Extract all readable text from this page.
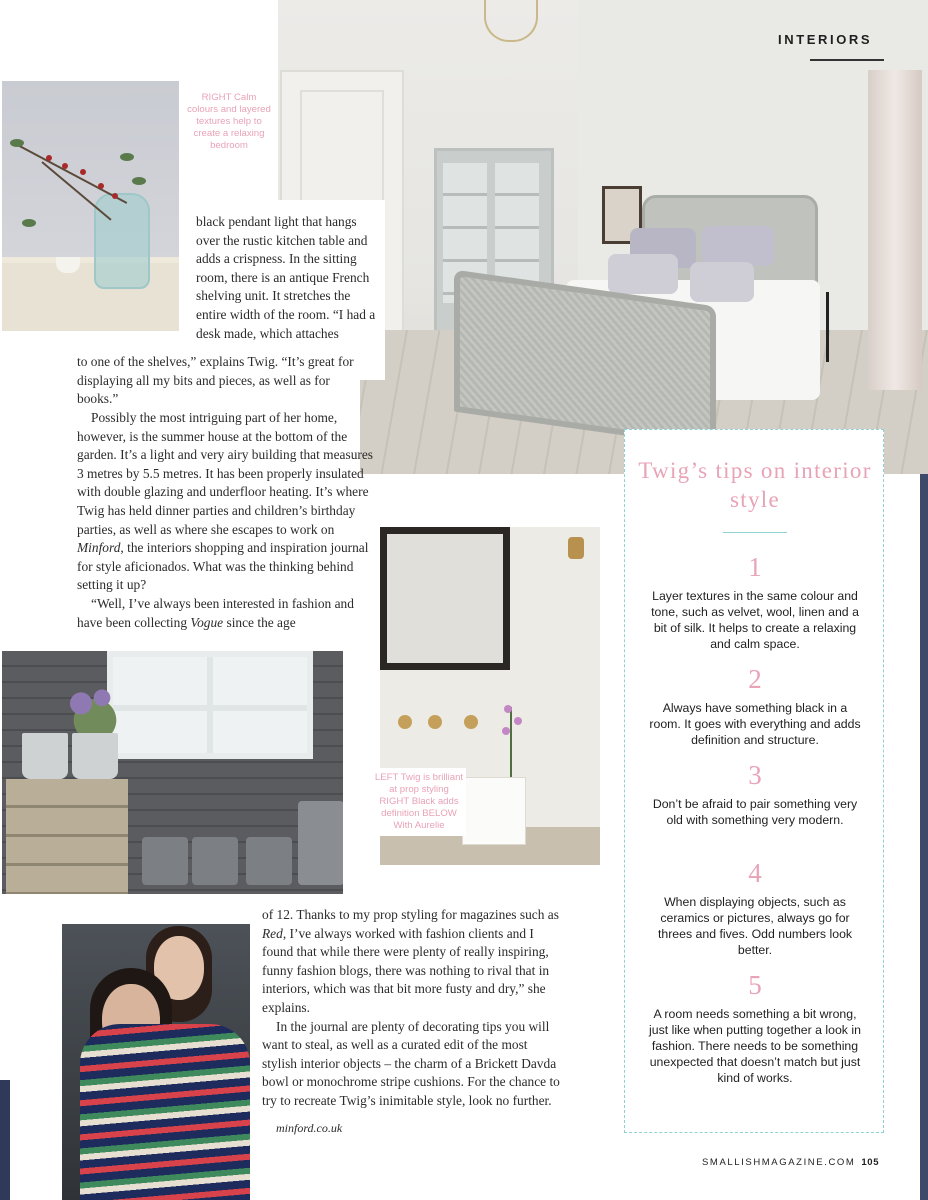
INTERIORS
RIGHT Calm colours and layered textures help to create a relaxing bedroom
black pendant light that hangs over the rustic kitchen table and adds a crispness. In the sitting room, there is an antique French shelving unit. It stretches the entire width of the room. “I had a desk made, which attaches
to one of the shelves,” explains Twig. “It’s great for displaying all my bits and pieces, as well as for books.”

Possibly the most intriguing part of her home, however, is the summer house at the bottom of the garden. It’s a light and very airy building that measures 3 metres by 5.5 metres. It has been properly insulated with double glazing and underfloor heating. It’s where Twig has held dinner parties and children’s birthday parties, as well as where she escapes to work on Minford, the interiors shopping and inspiration journal for style aficionados. What was the thinking behind setting it up?

“Well, I’ve always been interested in fashion and have been collecting Vogue since the age

LEFT Twig is brilliant at prop styling RIGHT Black adds definition BELOW With Aurelie

of 12. Thanks to my prop styling for magazines such as Red, I’ve always worked with fashion clients and I found that while there were plenty of really inspiring, funny fashion blogs, there was nothing to rival that in interiors, which was that bit more fusty and dry,” she explains.

In the journal are plenty of decorating tips you will want to steal, as well as a curated edit of the most stylish interior objects – the charm of a Brickett Davda bowl or monochrome stripe cushions. For the chance to try to recreate Twig’s inimitable style, look no further.

minford.co.uk
Twig’s tips on interior style
1
Layer textures in the same colour and tone, such as velvet, wool, linen and a bit of silk. It helps to create a relaxing and calm space.
2
Always have something black in a room. It goes with everything and adds definition and structure.
3
Don’t be afraid to pair something very old with something very modern.
4
When displaying objects, such as ceramics or pictures, always go for threes and fives. Odd numbers look better.
5
A room needs something a bit wrong, just like when putting together a look in fashion. There needs to be something unexpected that doesn’t match but just kind of works.
SMALLISHMAGAZINE.COM 105
